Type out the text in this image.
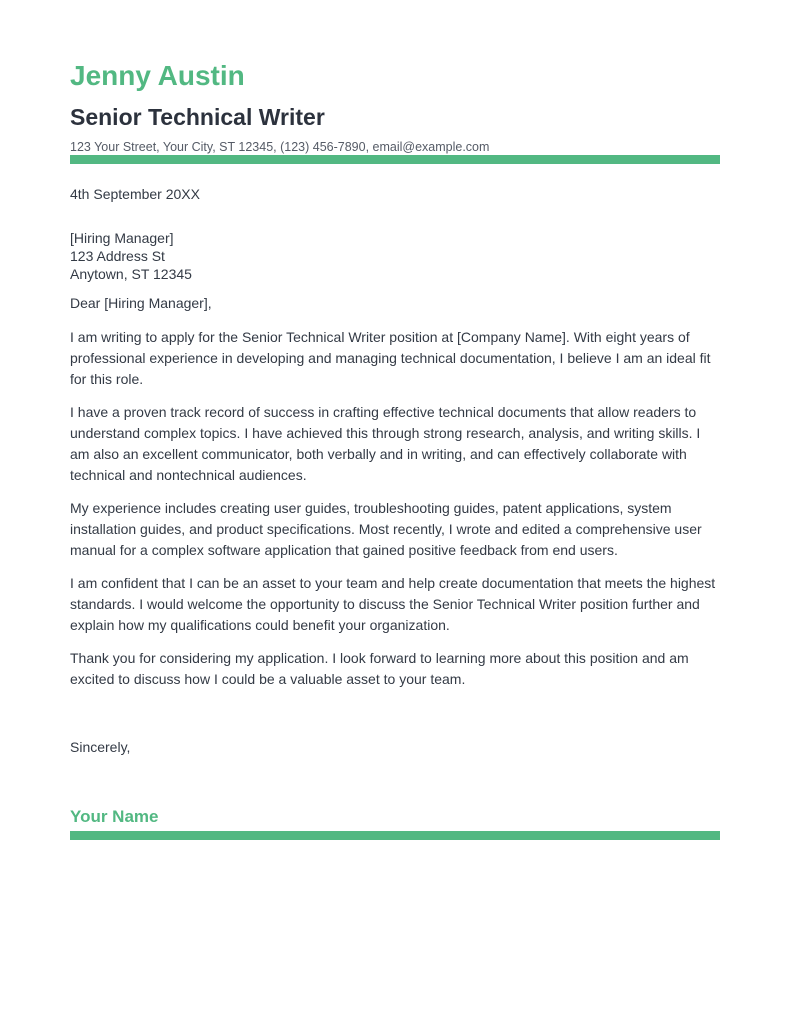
Jenny Austin
Senior Technical Writer
123 Your Street, Your City, ST 12345, (123) 456-7890, email@example.com
4th September 20XX
[Hiring Manager]
123 Address St
Anytown, ST 12345
Dear [Hiring Manager],

I am writing to apply for the Senior Technical Writer position at [Company Name]. With eight years of professional experience in developing and managing technical documentation, I believe I am an ideal fit for this role.

I have a proven track record of success in crafting effective technical documents that allow readers to understand complex topics. I have achieved this through strong research, analysis, and writing skills. I am also an excellent communicator, both verbally and in writing, and can effectively collaborate with technical and nontechnical audiences.

My experience includes creating user guides, troubleshooting guides, patent applications, system installation guides, and product specifications. Most recently, I wrote and edited a comprehensive user manual for a complex software application that gained positive feedback from end users.

I am confident that I can be an asset to your team and help create documentation that meets the highest standards. I would welcome the opportunity to discuss the Senior Technical Writer position further and explain how my qualifications could benefit your organization.

Thank you for considering my application. I look forward to learning more about this position and am excited to discuss how I could be a valuable asset to your team.

Sincerely,
Your Name
